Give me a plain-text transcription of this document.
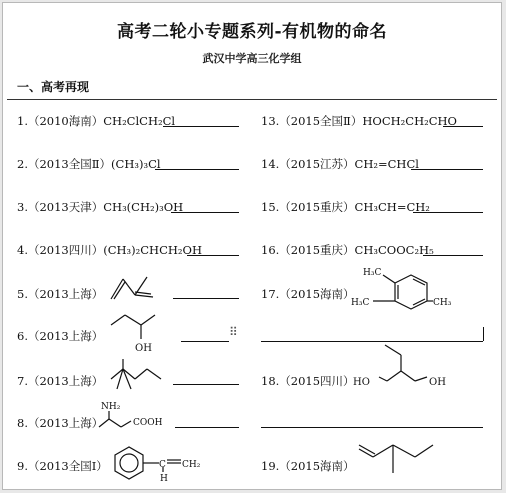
高考二轮小专题系列-有机物的命名
武汉中学高三化学组
一、高考再现
1.（2010海南）CH₂ClCH₂Cl
2.（2013全国Ⅱ）(CH₃)₃Cl
3.（2013天津）CH₃(CH₂)₃OH
4.（2013四川）(CH₃)₂CHCH₂OH
5.（2013上海）
6.（2013上海）	⠿
7.（2013上海）
8.（2013上海）
9.（2013全国Ⅰ）
13.（2015全国Ⅱ）HOCH₂CH₂CHO
14.（2015江苏）CH₂=CHCl
15.（2015重庆）CH₃CH=CH₂
16.（2015重庆）CH₃COOC₂H₅
17.（2015海南）
18.（2015四川）
19.（2015海南）
OH
NH₂
COOH
C
H
CH₂
H₃C
H₃C	CH₃
HO	OH
